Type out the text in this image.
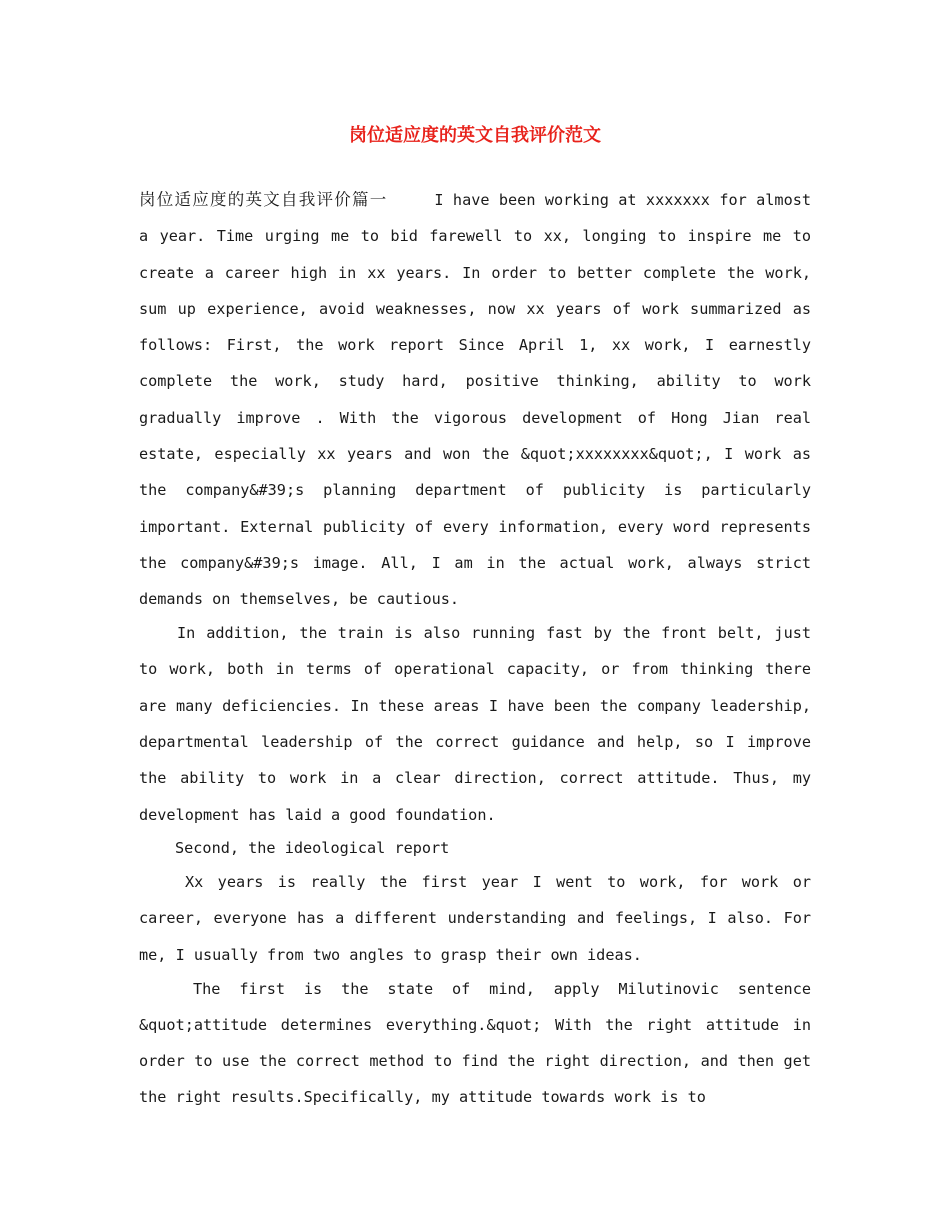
岗位适应度的英文自我评价范文

岗位适应度的英文自我评价篇一     I have been working at xxxxxxx for almost a year. Time urging me to bid farewell to xx, longing to inspire me to create a career high in xx years. In order to better complete the work, sum up experience, avoid weaknesses, now xx years of work summarized as follows: First, the work report Since April 1, xx work, I earnestly complete the work, study hard, positive thinking, ability to work gradually improve . With the vigorous development of Hong Jian real estate, especially xx years and won the &quot;xxxxxxxx&quot;, I work as the company&#39;s planning department of publicity is particularly important. External publicity of every information, every word represents the company&#39;s image. All, I am in the actual work, always strict demands on themselves, be cautious.

In addition, the train is also running fast by the front belt, just to work, both in terms of operational capacity, or from thinking there are many deficiencies. In these areas I have been the company leadership, departmental leadership of the correct guidance and help, so I improve the ability to work in a clear direction, correct attitude. Thus, my development has laid a good foundation.

Second, the ideological report

Xx years is really the first year I went to work, for work or career, everyone has a different understanding and feelings, I also. For me, I usually from two angles to grasp their own ideas.

The first is the state of mind, apply Milutinovic sentence &quot;attitude determines everything.&quot; With the right attitude in order to use the correct method to find the right direction, and then get the right results.Specifically, my attitude towards work is to
